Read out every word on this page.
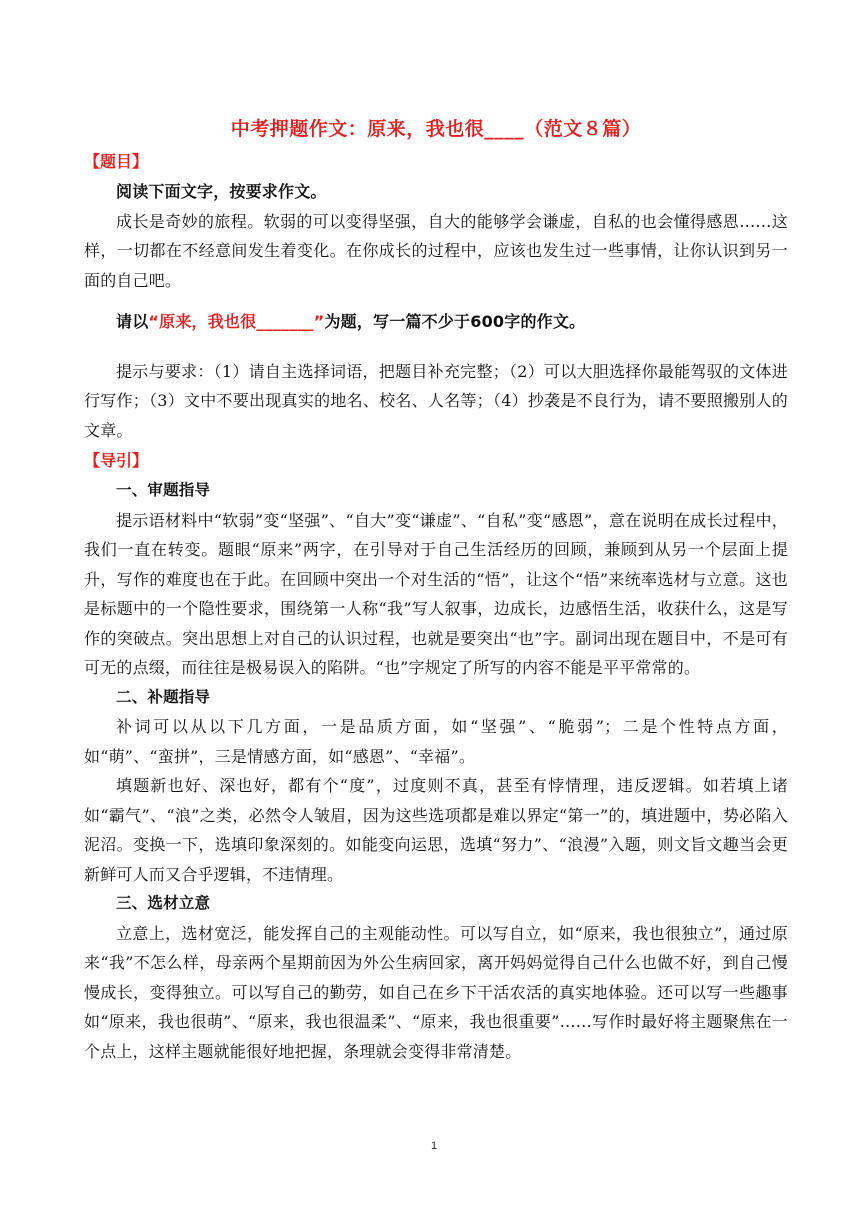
中考押题作文：原来，我也很____（范文８篇）
【题目】

阅读下面文字，按要求作文。

成长是奇妙的旅程。软弱的可以变得坚强，自大的能够学会谦虚，自私的也会懂得感恩……这样，一切都在不经意间发生着变化。在你成长的过程中，应该也发生过一些事情，让你认识到另一面的自己吧。

请以“原来，我也很_______”为题，写一篇不少于600字的作文。

提示与要求：（1）请自主选择词语，把题目补充完整；（2）可以大胆选择你最能驾驭的文体进行写作；（3）文中不要出现真实的地名、校名、人名等；（4）抄袭是不良行为，请不要照搬别人的文章。

【导引】

一、审题指导

提示语材料中“软弱”变“坚强”、“自大”变“谦虚”、“自私”变“感恩”，意在说明在成长过程中，我们一直在转变。题眼“原来”两字，在引导对于自己生活经历的回顾，兼顾到从另一个层面上提升，写作的难度也在于此。在回顾中突出一个对生活的“悟”，让这个“悟”来统率选材与立意。这也是标题中的一个隐性要求，围绕第一人称“我”写人叙事，边成长，边感悟生活，收获什么，这是写作的突破点。突出思想上对自己的认识过程，也就是要突出“也”字。副词出现在题目中，不是可有可无的点缀，而往往是极易误入的陷阱。“也”字规定了所写的内容不能是平平常常的。

二、补题指导

补词可以从以下几方面，一是品质方面，如“坚强”、“脆弱”；二是个性特点方面，如“萌”、“蛮拼”，三是情感方面，如“感恩”、“幸福”。

填题新也好、深也好，都有个“度”，过度则不真，甚至有悖情理，违反逻辑。如若填上诸如“霸气”、“浪”之类，必然令人皱眉，因为这些选项都是难以界定“第一”的，填进题中，势必陷入泥沼。变换一下，选填印象深刻的。如能变向运思，选填“努力”、“浪漫”入题，则文旨文趣当会更新鲜可人而又合乎逻辑，不违情理。

三、选材立意

立意上，选材宽泛，能发挥自己的主观能动性。可以写自立，如“原来，我也很独立”，通过原来“我”不怎么样，母亲两个星期前因为外公生病回家，离开妈妈觉得自己什么也做不好，到自己慢慢成长，变得独立。可以写自己的勤劳，如自己在乡下干活农活的真实地体验。还可以写一些趣事如“原来，我也很萌”、“原来，我也很温柔”、“原来，我也很重要”……写作时最好将主题聚焦在一个点上，这样主题就能很好地把握，条理就会变得非常清楚。

1
